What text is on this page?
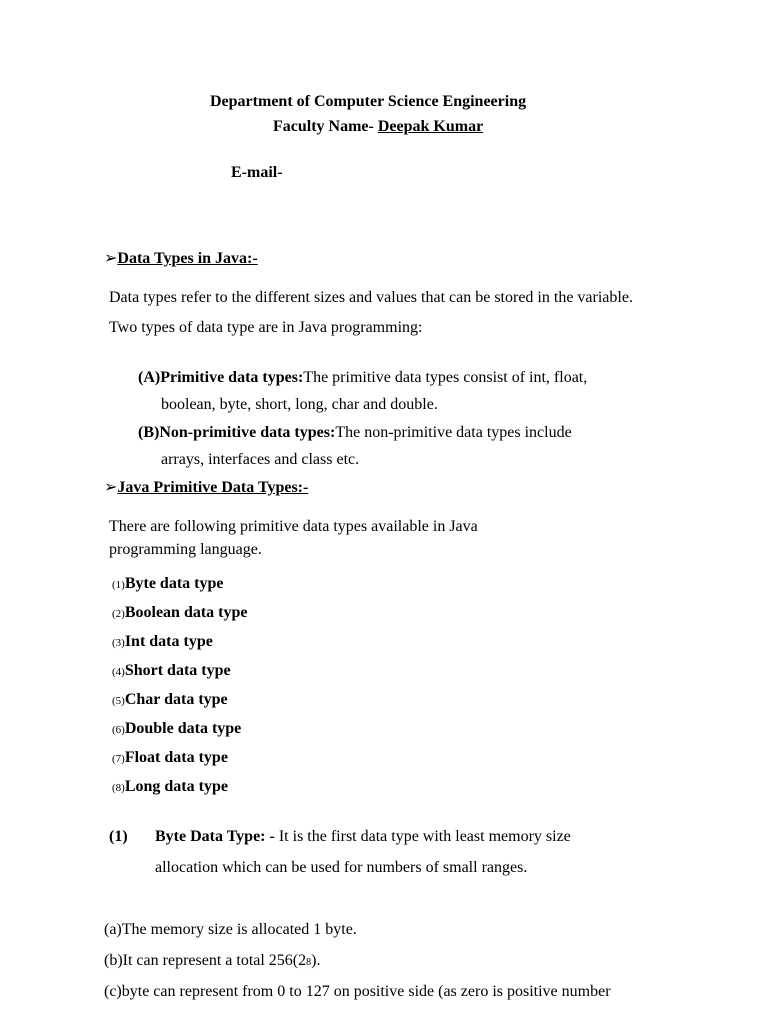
Department of Computer Science Engineering
Faculty Name- Deepak Kumar
E-mail-
➢Data Types in Java:-
Data types refer to the different sizes and values that can be stored in the variable.
Two types of data type are in Java programming:
(A)Primitive data types:The primitive data types consist of int, float,
boolean, byte, short, long, char and double.
(B)Non-primitive data types:The non-primitive data types include
arrays, interfaces and class etc.
➢Java Primitive Data Types:-
There are following primitive data types available in Java
programming language.
(1)Byte data type
(2)Boolean data type
(3)Int data type
(4)Short data type
(5)Char data type
(6)Double data type
(7)Float data type
(8)Long data type
(1) Byte Data Type: - It is the first data type with least memory size
allocation which can be used for numbers of small ranges.
(a)The memory size is allocated 1 byte.
(b)It can represent a total 256(28).
(c)byte can represent from 0 to 127 on positive side (as zero is positive number
